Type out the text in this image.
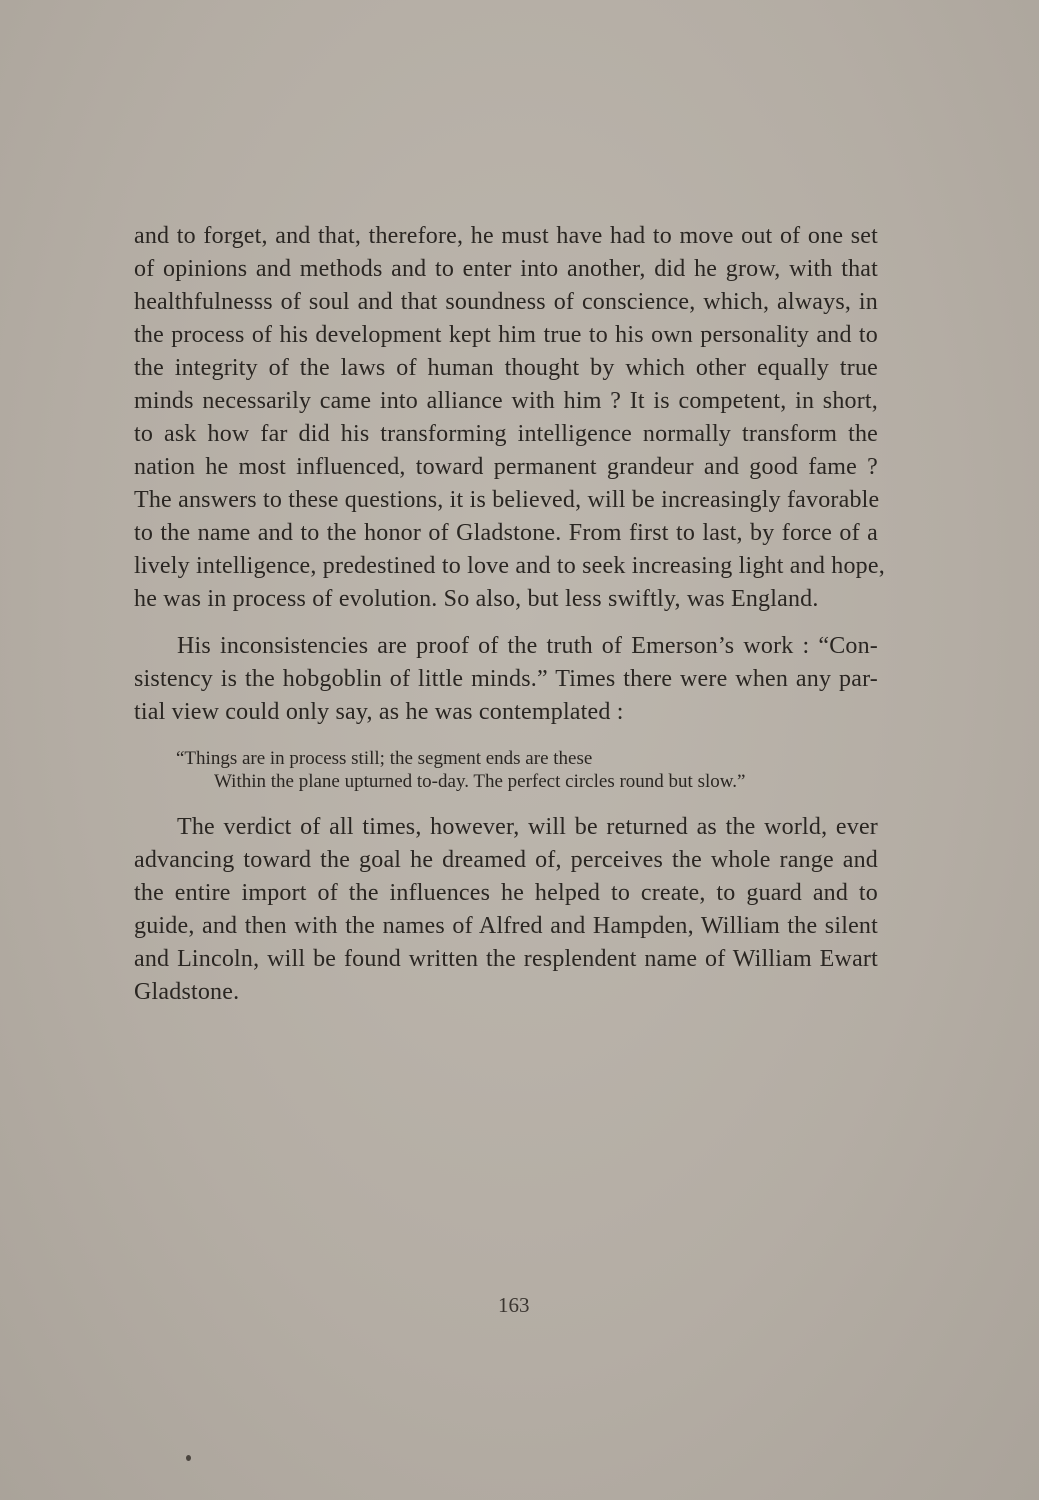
and to forget, and that, therefore, he must have had to move out of one set
of opinions and methods and to enter into another, did he grow, with that
healthfulnesss of soul and that soundness of conscience, which, always, in
the process of his development kept him true to his own personality and to
the integrity of the laws of human thought by which other equally true
minds necessarily came into alliance with him ? It is competent, in short,
to ask how far did his transforming intelligence normally transform the
nation he most influenced, toward permanent grandeur and good fame ?
The answers to these questions, it is believed, will be increasingly favorable
to the name and to the honor of Gladstone. From first to last, by force of a
lively intelligence, predestined to love and to seek increasing light and hope,
he was in process of evolution. So also, but less swiftly, was England.
His inconsistencies are proof of the truth of Emerson’s work : “Con-
sistency is the hobgoblin of little minds.” Times there were when any par-
tial view could only say, as he was contemplated :
“Things are in process still; the segment ends are these
Within the plane upturned to-day. The perfect circles round but slow.”
The verdict of all times, however, will be returned as the world, ever
advancing toward the goal he dreamed of, perceives the whole range and
the entire import of the influences he helped to create, to guard and to
guide, and then with the names of Alfred and Hampden, William the silent
and Lincoln, will be found written the resplendent name of William Ewart
Gladstone.
163
